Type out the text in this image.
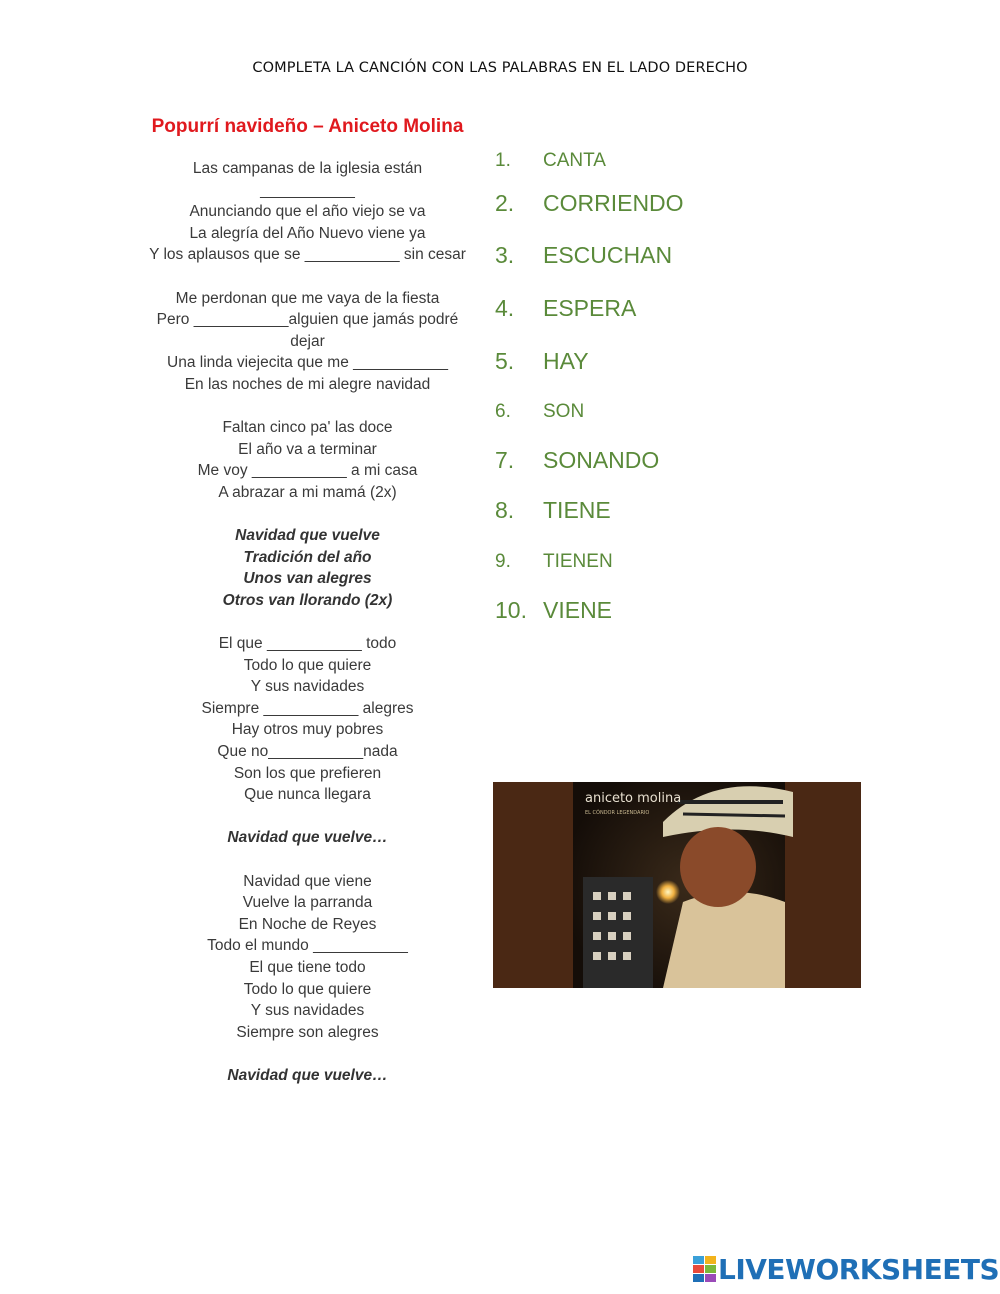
COMPLETA LA CANCIÓN CON LAS PALABRAS EN EL LADO DERECHO
Popurrí navideño – Aniceto Molina
Las campanas de la iglesia están ___________
Anunciando que el año viejo se va
La alegría del Año Nuevo viene ya
Y los aplausos que se ___________ sin cesar
Me perdonan que me vaya de la fiesta
Pero ___________alguien que jamás podré dejar
Una linda viejecita que me ___________
En las noches de mi alegre navidad
Faltan cinco pa' las doce
El año va a terminar
Me voy ___________ a mi casa
A abrazar a mi mamá (2x)
Navidad que vuelve
Tradición del año
Unos van alegres
Otros van llorando (2x)
El que ___________ todo
Todo lo que quiere
Y sus navidades
Siempre ___________ alegres
Hay otros muy pobres
Que no___________nada
Son los que prefieren
Que nunca llegara
Navidad que vuelve…
Navidad que viene
Vuelve la parranda
En Noche de Reyes
Todo el mundo ___________
El que tiene todo
Todo lo que quiere
Y sus navidades
Siempre son alegres
Navidad que vuelve…
1.	CANTA
2.	CORRIENDO
3.	ESCUCHAN
4.	ESPERA
5.	HAY
6.	SON
7.	SONANDO
8.	TIENE
9.	TIENEN
10. VIENE
aniceto molina
EL CÓNDOR LEGENDARIO
LIVEWORKSHEETS
